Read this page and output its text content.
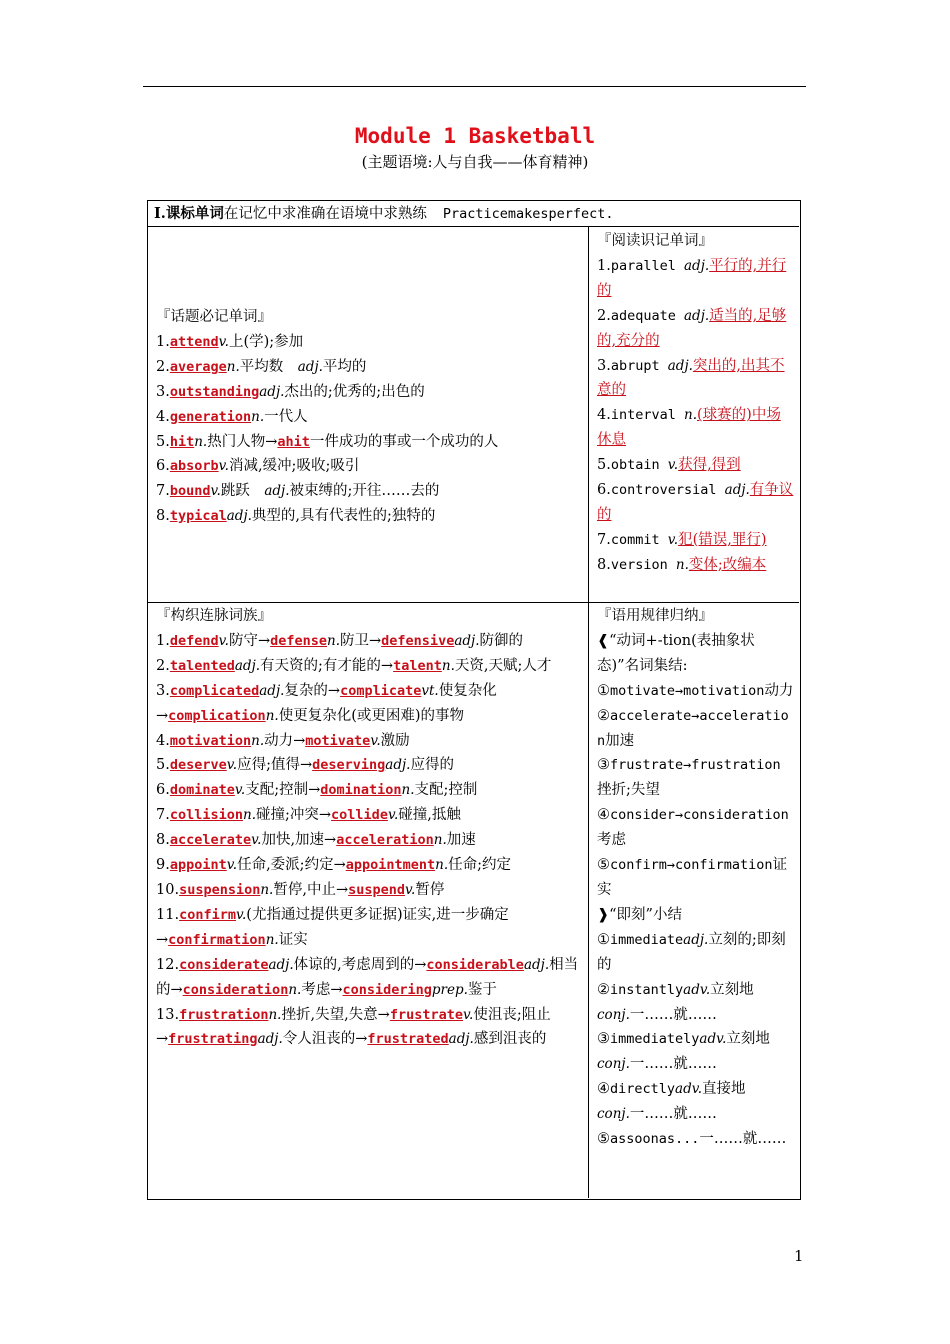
Module 1 Basketball
(主题语境:人与自我——体育精神)
Ⅰ.课标单词在记忆中求准确在语境中求熟练 Practicemakesperfect.
『话题必记单词』
1.attendv.上(学);参加
2.averagen.平均数　adj.平均的
3.outstandingadj.杰出的;优秀的;出色的
4.generationn.一代人
5.hitn.热门人物→ahit一件成功的事或一个成功的人
6.absorbv.消减,缓冲;吸收;吸引
7.boundv.跳跃　adj.被束缚的;开往……去的
8.typicaladj.典型的,具有代表性的;独特的
『阅读识记单词』
1.parallel adj.平行的,并行的
2.adequate adj.适当的,足够的,充分的
3.abrupt adj.突出的,出其不意的
4.interval n.(球赛的)中场休息
5.obtain v.获得,得到
6.controversial adj.有争议的
7.commit v.犯(错误,罪行)
8.version n.变体;改编本
『构织连脉词族』
1.defendv.防守→defensen.防卫→defensiveadj.防御的
2.talentedadj.有天资的;有才能的→talentn.天资,天赋;人才
3.complicatedadj.复杂的→complicatevt.使复杂化→complicationn.使更复杂化(或更困难)的事物
4.motivationn.动力→motivatev.激励
5.deservev.应得;值得→deservingadj.应得的
6.dominatev.支配;控制→dominationn.支配;控制
7.collisionn.碰撞;冲突→collidev.碰撞,抵触
8.acceleratev.加快,加速→accelerationn.加速
9.appointv.任命,委派;约定→appointmentn.任命;约定
10.suspensionn.暂停,中止→suspendv.暂停
11.confirmv.(尤指通过提供更多证据)证实,进一步确定→confirmationn.证实
12.considerateadj.体谅的,考虑周到的→considerableadj.相当的→considerationn.考虑→consideringprep.鉴于
13.frustrationn.挫折,失望,失意→frustratev.使沮丧;阻止→frustratingadj.令人沮丧的→frustratedadj.感到沮丧的
『语用规律归纳』
❰“动词+-tion(表抽象状态)”名词集结:
①motivate→motivation动力
②accelerate→acceleration加速
③frustrate→frustration挫折;失望
④consider→consideration考虑
⑤confirm→confirmation证实
❱“即刻”小结
①immediateadj.立刻的;即刻的
②instantlyadv.立刻地
conj.一……就……
③immediatelyadv.立刻地
conj.一……就……
④directlyadv.直接地
conj.一……就……
⑤assoonas...一……就……
1
